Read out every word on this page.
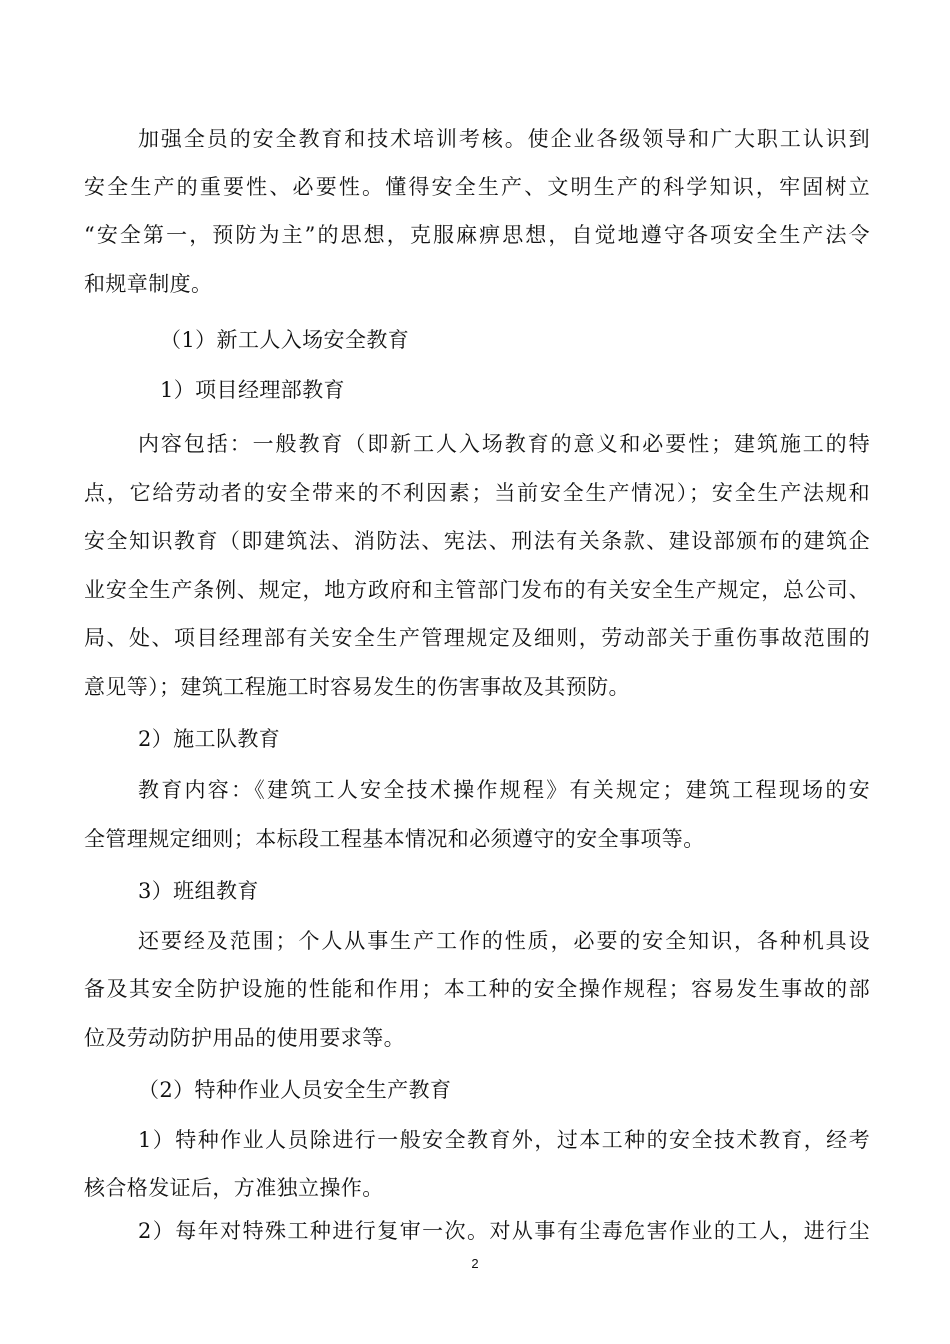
加强全员的安全教育和技术培训考核。使企业各级领导和广大职工认识到
安全生产的重要性、必要性。懂得安全生产、文明生产的科学知识，牢固树立
“安全第一，预防为主”的思想，克服麻痹思想，自觉地遵守各项安全生产法令
和规章制度。
（1）新工人入场安全教育
1）项目经理部教育
内容包括：一般教育（即新工人入场教育的意义和必要性；建筑施工的特
点，它给劳动者的安全带来的不利因素；当前安全生产情况）；安全生产法规和
安全知识教育（即建筑法、消防法、宪法、刑法有关条款、建设部颁布的建筑企
业安全生产条例、规定，地方政府和主管部门发布的有关安全生产规定，总公司、
局、处、项目经理部有关安全生产管理规定及细则，劳动部关于重伤事故范围的
意见等）；建筑工程施工时容易发生的伤害事故及其预防。
2）施工队教育
教育内容：《建筑工人安全技术操作规程》有关规定；建筑工程现场的安
全管理规定细则；本标段工程基本情况和必须遵守的安全事项等。
3）班组教育
还要经及范围；个人从事生产工作的性质，必要的安全知识，各种机具设
备及其安全防护设施的性能和作用；本工种的安全操作规程；容易发生事故的部
位及劳动防护用品的使用要求等。
（2）特种作业人员安全生产教育
1）特种作业人员除进行一般安全教育外，过本工种的安全技术教育，经考
核合格发证后，方准独立操作。
2）每年对特殊工种进行复审一次。对从事有尘毒危害作业的工人，进行尘
2
